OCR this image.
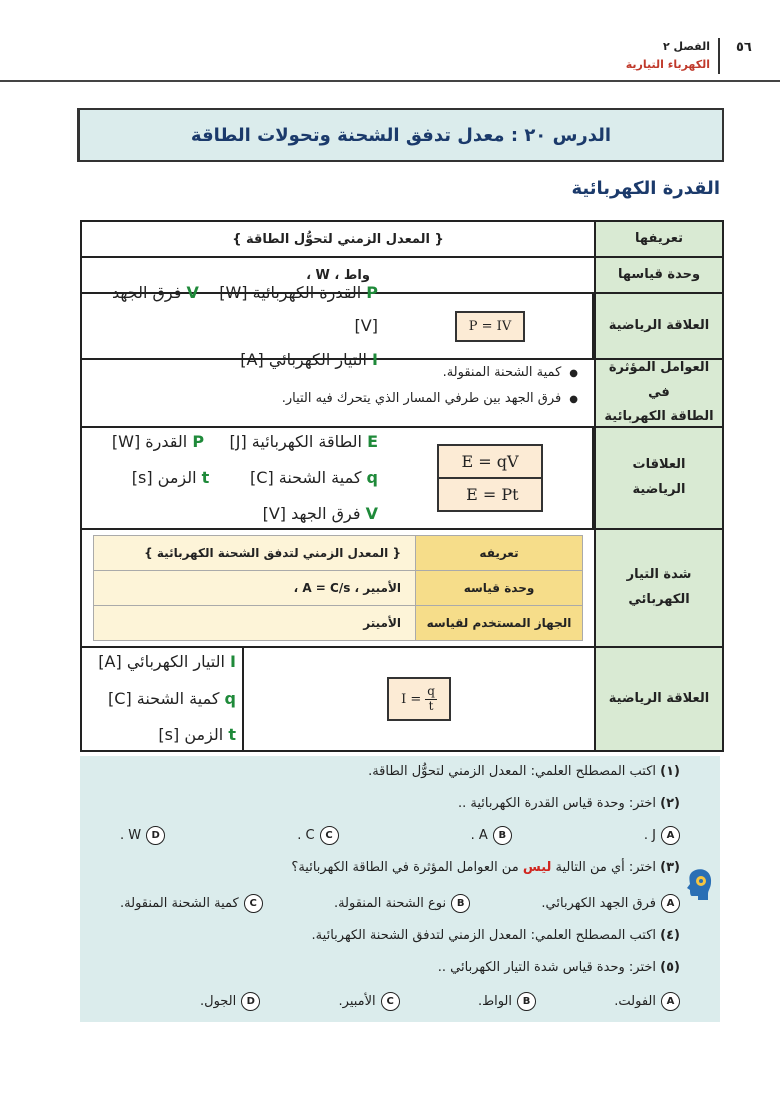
٥٦
الفصل ٢
الكهرباء التيارية
الدرس ٢٠ : معدل تدفق الشحنة وتحولات الطاقة
القدرة الكهربائية
تعريفها
{ المعدل الزمني لتحوُّل الطاقة }
وحدة قياسها
واط ، W ،
العلاقة الرياضية
P = IV
P القدرة الكهربائية [W]    V فرق الجهد [V]
I التيار الكهربائي [A]	العوامل المؤثرة في
الطاقة الكهربائية
● كمية الشحنة المنقولة.
● فرق الجهد بين طرفي المسار الذي يتحرك فيه التيار.
العلاقات
الرياضية
E = qV
E = Pt
E الطاقة الكهربائية [J]     P القدرة [W]
q كمية الشحنة [C]        t الزمن [s]
V فرق الجهد [V]
شدة التيار
الكهربائي
تعريفه
{ المعدل الزمني لتدفق الشحنة الكهربائية }
وحدة قياسه
الأمبير ، A = C/s ،
الجهاز المستخدم لقياسه
الأميتر
العلاقة الرياضية
$I = \frac{q}{t}$
I التيار الكهربائي [A]
q كمية الشحنة [C]
t الزمن [s]
(١) اكتب المصطلح العلمي: المعدل الزمني لتحوُّل الطاقة.
(٢) اختر: وحدة قياس القدرة الكهربائية ..
A
J .
B
A .
C
C .
D
W .
(٣) اختر: أي من التالية ليس من العوامل المؤثرة في الطاقة الكهربائية؟
A
فرق الجهد الكهربائي.
B
نوع الشحنة المنقولة.
C
كمية الشحنة المنقولة.
(٤) اكتب المصطلح العلمي: المعدل الزمني لتدفق الشحنة الكهربائية.
(٥) اختر: وحدة قياس شدة التيار الكهربائي ..
A
الفولت.
B
الواط.
C
الأمبير.
D
الجول.
